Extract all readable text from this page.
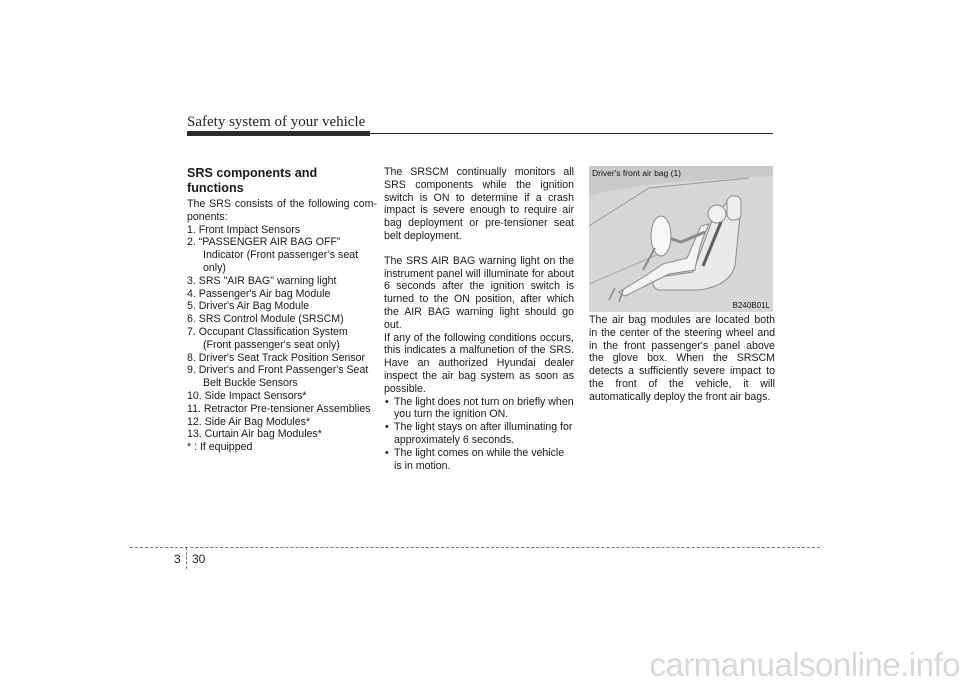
Safety system of your vehicle
SRS components and functions

The SRS consists of the following com-ponents:

1. Front Impact Sensors
2. “PASSENGER AIR BAG OFF” Indicator (Front passenger’s seat only)
3. SRS "AIR BAG" warning light
4. Passenger's Air bag Module
5. Driver's Air Bag Module
6. SRS Control Module (SRSCM)
7. Occupant Classification System (Front passenger's seat only)
8. Driver's Seat Track Position Sensor
9. Driver's and Front Passenger's Seat Belt Buckle Sensors
10. Side Impact Sensors*
11. Retractor Pre-tensioner Assemblies
12. Side Air Bag Modules*
13. Curtain Air bag Modules*
* : If equipped

The SRSCM continually monitors all SRS components while the ignition switch is ON to determine if a crash impact is severe enough to require air bag deployment or pre-tensioner seat belt deployment.

The SRS AIR BAG warning light on the instrument panel will illuminate for about 6 seconds after the ignition switch is turned to the ON position, after which the AIR BAG warning light should go out.

If any of the following conditions occurs, this indicates a malfunetion of the SRS. Have an authorized Hyundai dealer inspect the air bag system as soon as possible.

• The light does not turn on briefly when you turn the ignition ON.
• The light stays on after illuminating for approximately 6 seconds.
• The light comes on while the vehicle is in motion.
Driver's front air bag (1)
B240B01L

The air bag modules are located both in the center of the steering wheel and in the front passenger's panel above the glove box. When the SRSCM detects a sufficiently severe impact to the front of the vehicle, it will automatically deploy the front air bags.

3 30
carmanualsonline.info
